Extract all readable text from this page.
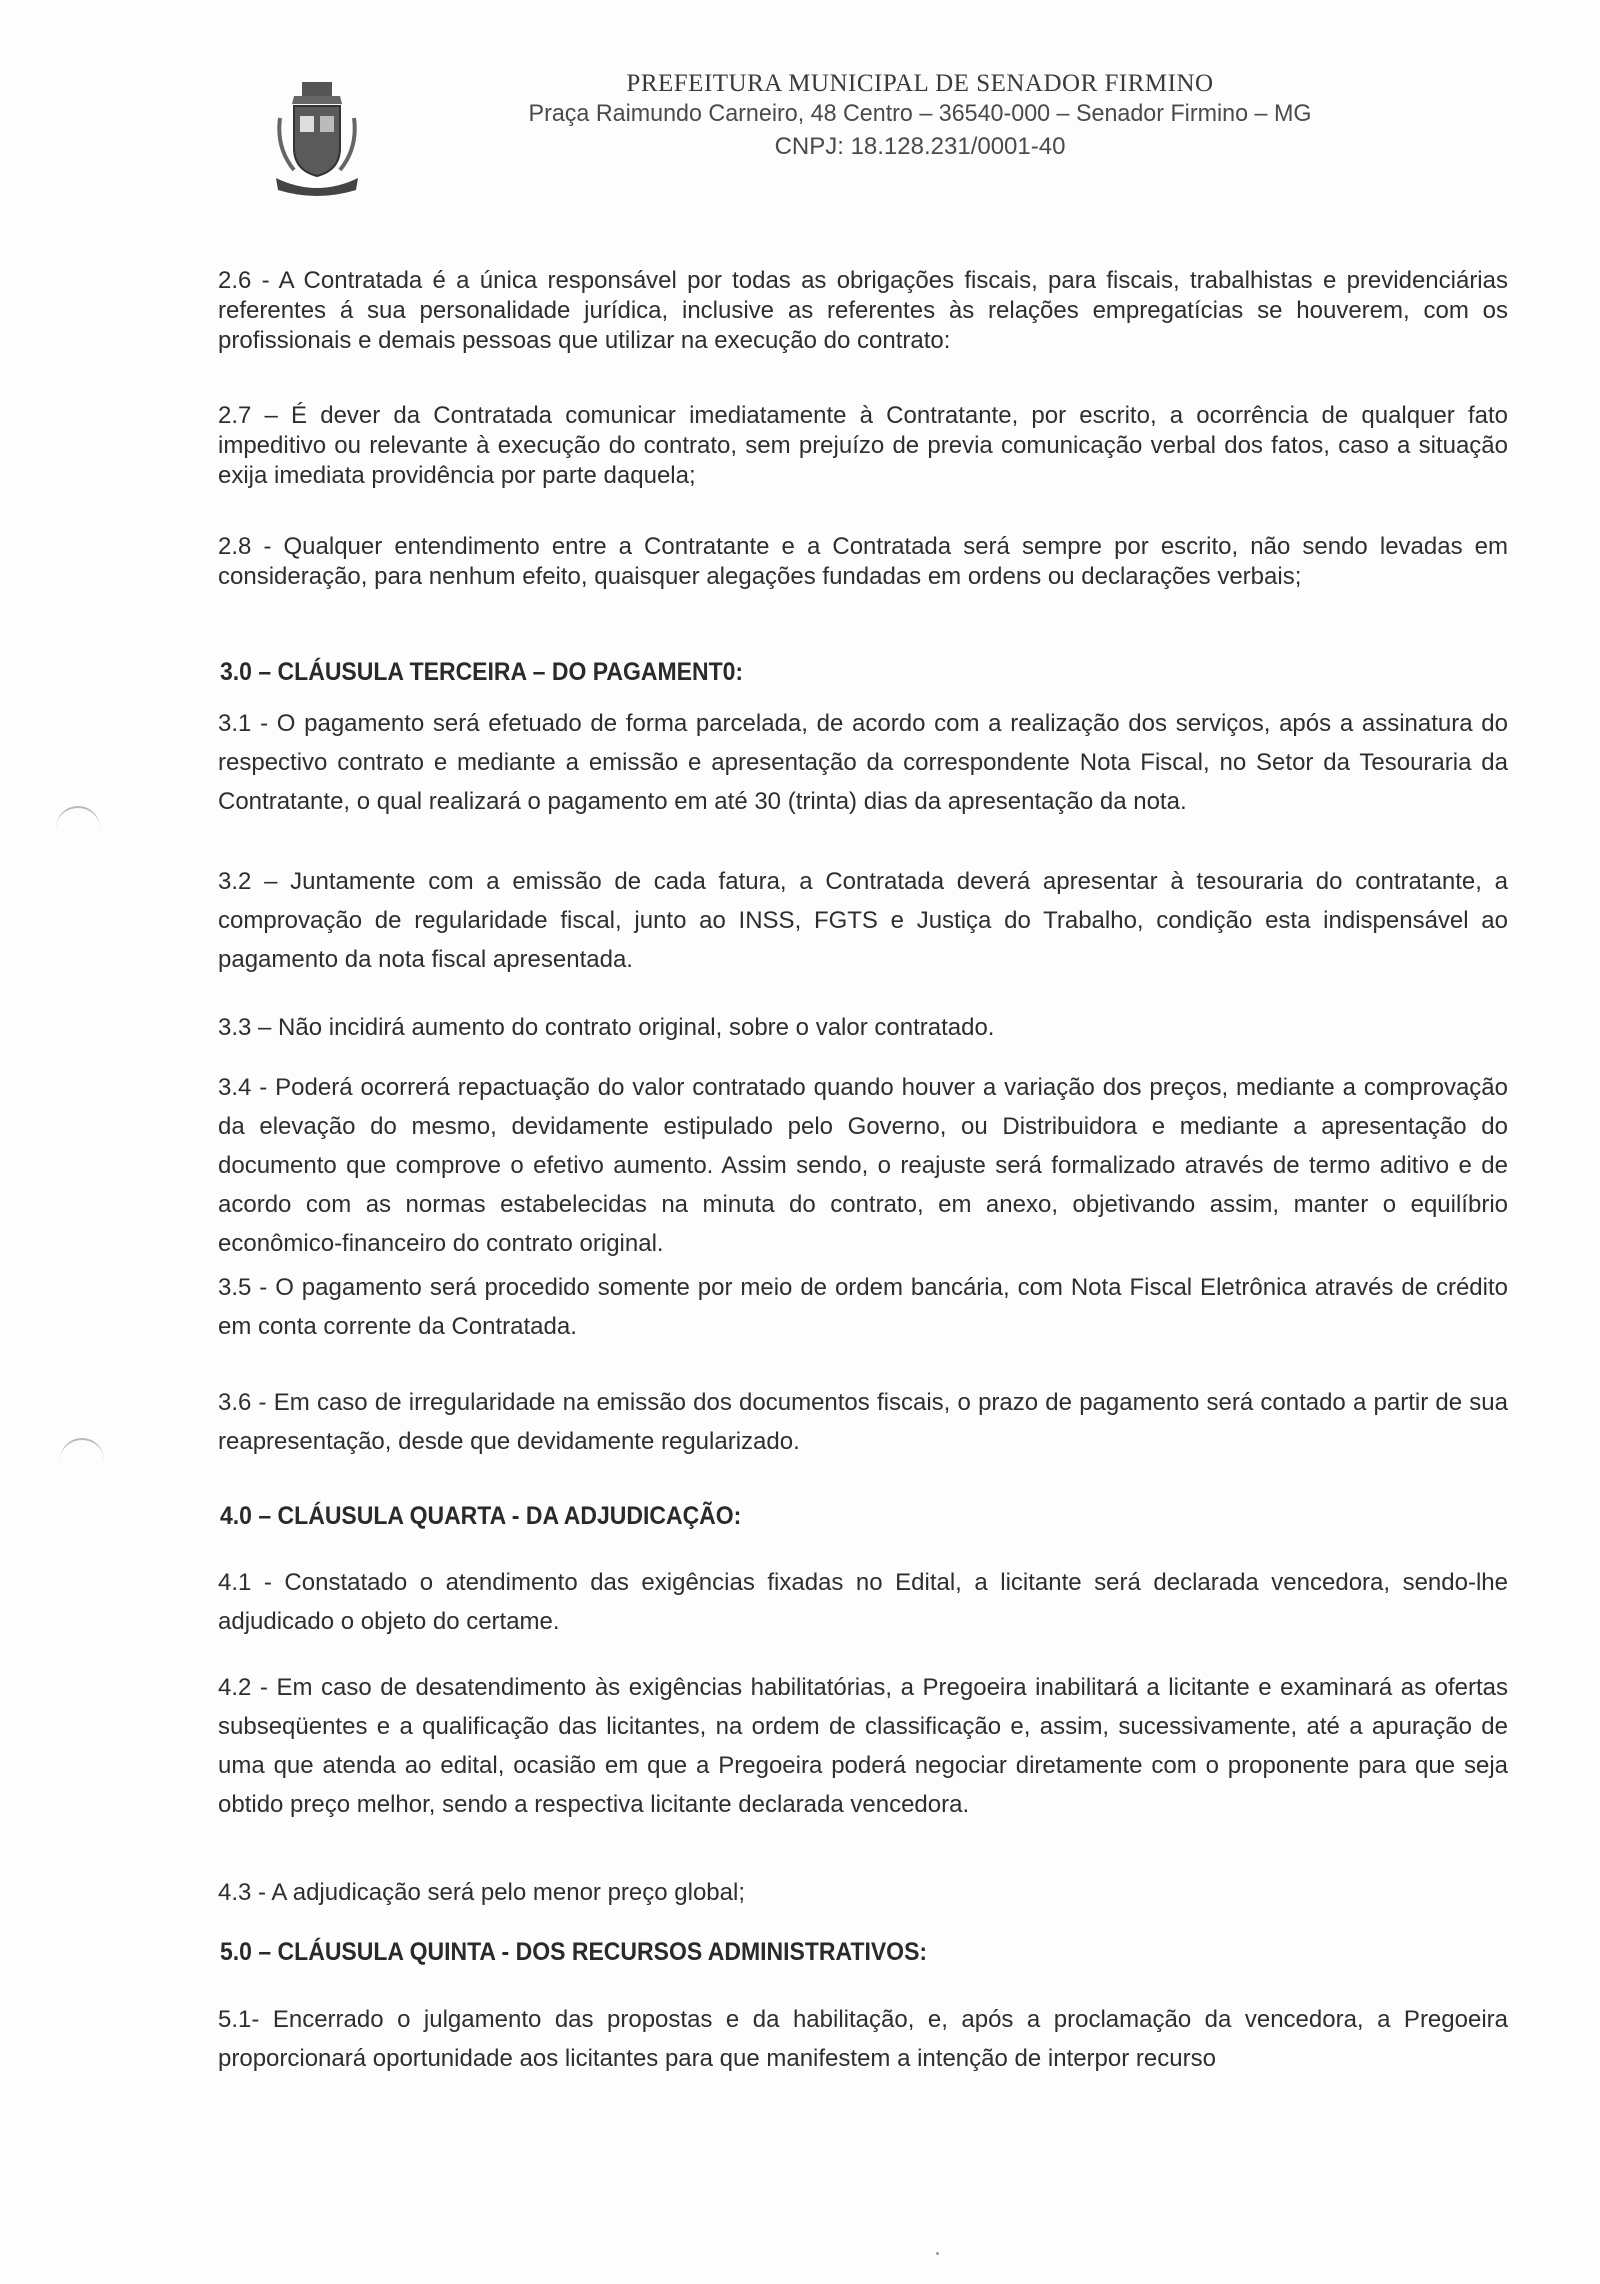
PREFEITURA MUNICIPAL DE SENADOR FIRMINO
Praça Raimundo Carneiro, 48 Centro – 36540-000 – Senador Firmino – MG
CNPJ: 18.128.231/0001-40

2.6 - A Contratada é a única responsável por todas as obrigações fiscais, para fiscais, trabalhistas e previdenciárias referentes á sua personalidade jurídica, inclusive as referentes às relações empregatícias se houverem, com os profissionais e demais pessoas que utilizar na execução do contrato:

2.7 – É dever da Contratada comunicar imediatamente à Contratante, por escrito, a ocorrência de qualquer fato impeditivo ou relevante à execução do contrato, sem prejuízo de previa comunicação verbal dos fatos, caso a situação exija imediata providência por parte daquela;

2.8 - Qualquer entendimento entre a Contratante e a Contratada será sempre por escrito, não sendo levadas em consideração, para nenhum efeito, quaisquer alegações fundadas em ordens ou declarações verbais;

3.0 – CLÁUSULA TERCEIRA – DO PAGAMENT0:

3.1 - O pagamento será efetuado de forma parcelada, de acordo com a realização dos serviços, após a assinatura do respectivo contrato e mediante a emissão e apresentação da correspondente Nota Fiscal, no Setor da Tesouraria da Contratante, o qual realizará o pagamento em até 30 (trinta) dias da apresentação da nota.

3.2 – Juntamente com a emissão de cada fatura, a Contratada deverá apresentar à tesouraria do contratante, a comprovação de regularidade fiscal, junto ao INSS, FGTS e Justiça do Trabalho, condição esta indispensável ao pagamento da nota fiscal apresentada.

3.3 – Não incidirá aumento do contrato original, sobre o valor contratado.

3.4 - Poderá ocorrerá repactuação do valor contratado quando houver a variação dos preços, mediante a comprovação da elevação do mesmo, devidamente estipulado pelo Governo, ou Distribuidora e mediante a apresentação do documento que comprove o efetivo aumento. Assim sendo, o reajuste será formalizado através de termo aditivo e de acordo com as normas estabelecidas na minuta do contrato, em anexo, objetivando assim, manter o equilíbrio econômico-financeiro do contrato original.

3.5 - O pagamento será procedido somente por meio de ordem bancária, com Nota Fiscal Eletrônica através de crédito em conta corrente da Contratada.

3.6 - Em caso de irregularidade na emissão dos documentos fiscais, o prazo de pagamento será contado a partir de sua reapresentação, desde que devidamente regularizado.

4.0 – CLÁUSULA QUARTA - DA ADJUDICAÇÃO:

4.1 - Constatado o atendimento das exigências fixadas no Edital, a licitante será declarada vencedora, sendo-lhe adjudicado o objeto do certame.

4.2 - Em caso de desatendimento às exigências habilitatórias, a Pregoeira inabilitará a licitante e examinará as ofertas subseqüentes e a qualificação das licitantes, na ordem de classificação e, assim, sucessivamente, até a apuração de uma que atenda ao edital, ocasião em que a Pregoeira poderá negociar diretamente com o proponente para que seja obtido preço melhor, sendo a respectiva licitante declarada vencedora.

4.3 - A adjudicação será pelo menor preço global;

5.0 – CLÁUSULA QUINTA - DOS RECURSOS ADMINISTRATIVOS:

5.1- Encerrado o julgamento das propostas e da habilitação, e, após a proclamação da vencedora, a Pregoeira proporcionará oportunidade aos licitantes para que manifestem a intenção de interpor recurso
